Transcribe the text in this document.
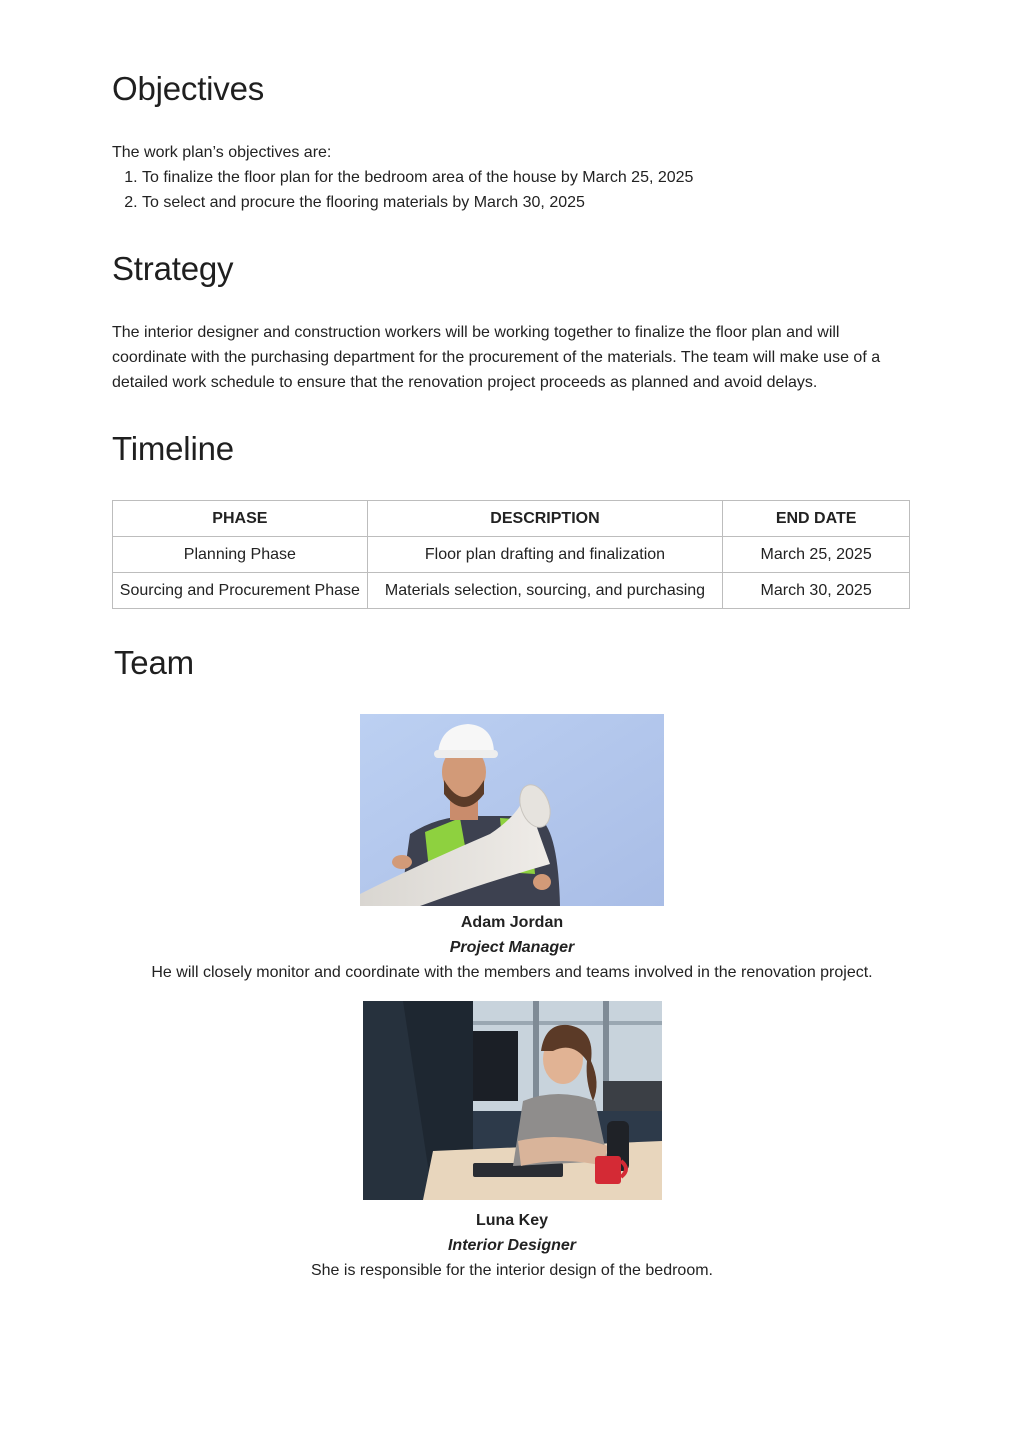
Objectives

The work plan’s objectives are:

1. To finalize the floor plan for the bedroom area of the house by March 25, 2025
2. To select and procure the flooring materials by March 30, 2025
Strategy

The interior designer and construction workers will be working together to finalize the floor plan and will coordinate with the purchasing department for the procurement of the materials. The team will make use of a detailed work schedule to ensure that the renovation project proceeds as planned and avoid delays.

Timeline
PHASE	DESCRIPTION	END DATE
Planning Phase	Floor plan drafting and finalization	March 25, 2025
Sourcing and Procurement Phase	Materials selection, sourcing, and purchasing	March 30, 2025
Team
Adam Jordan
Project Manager
He will closely monitor and coordinate with the members and teams involved in the renovation project.
Luna Key
Interior Designer
She is responsible for the interior design of the bedroom.
